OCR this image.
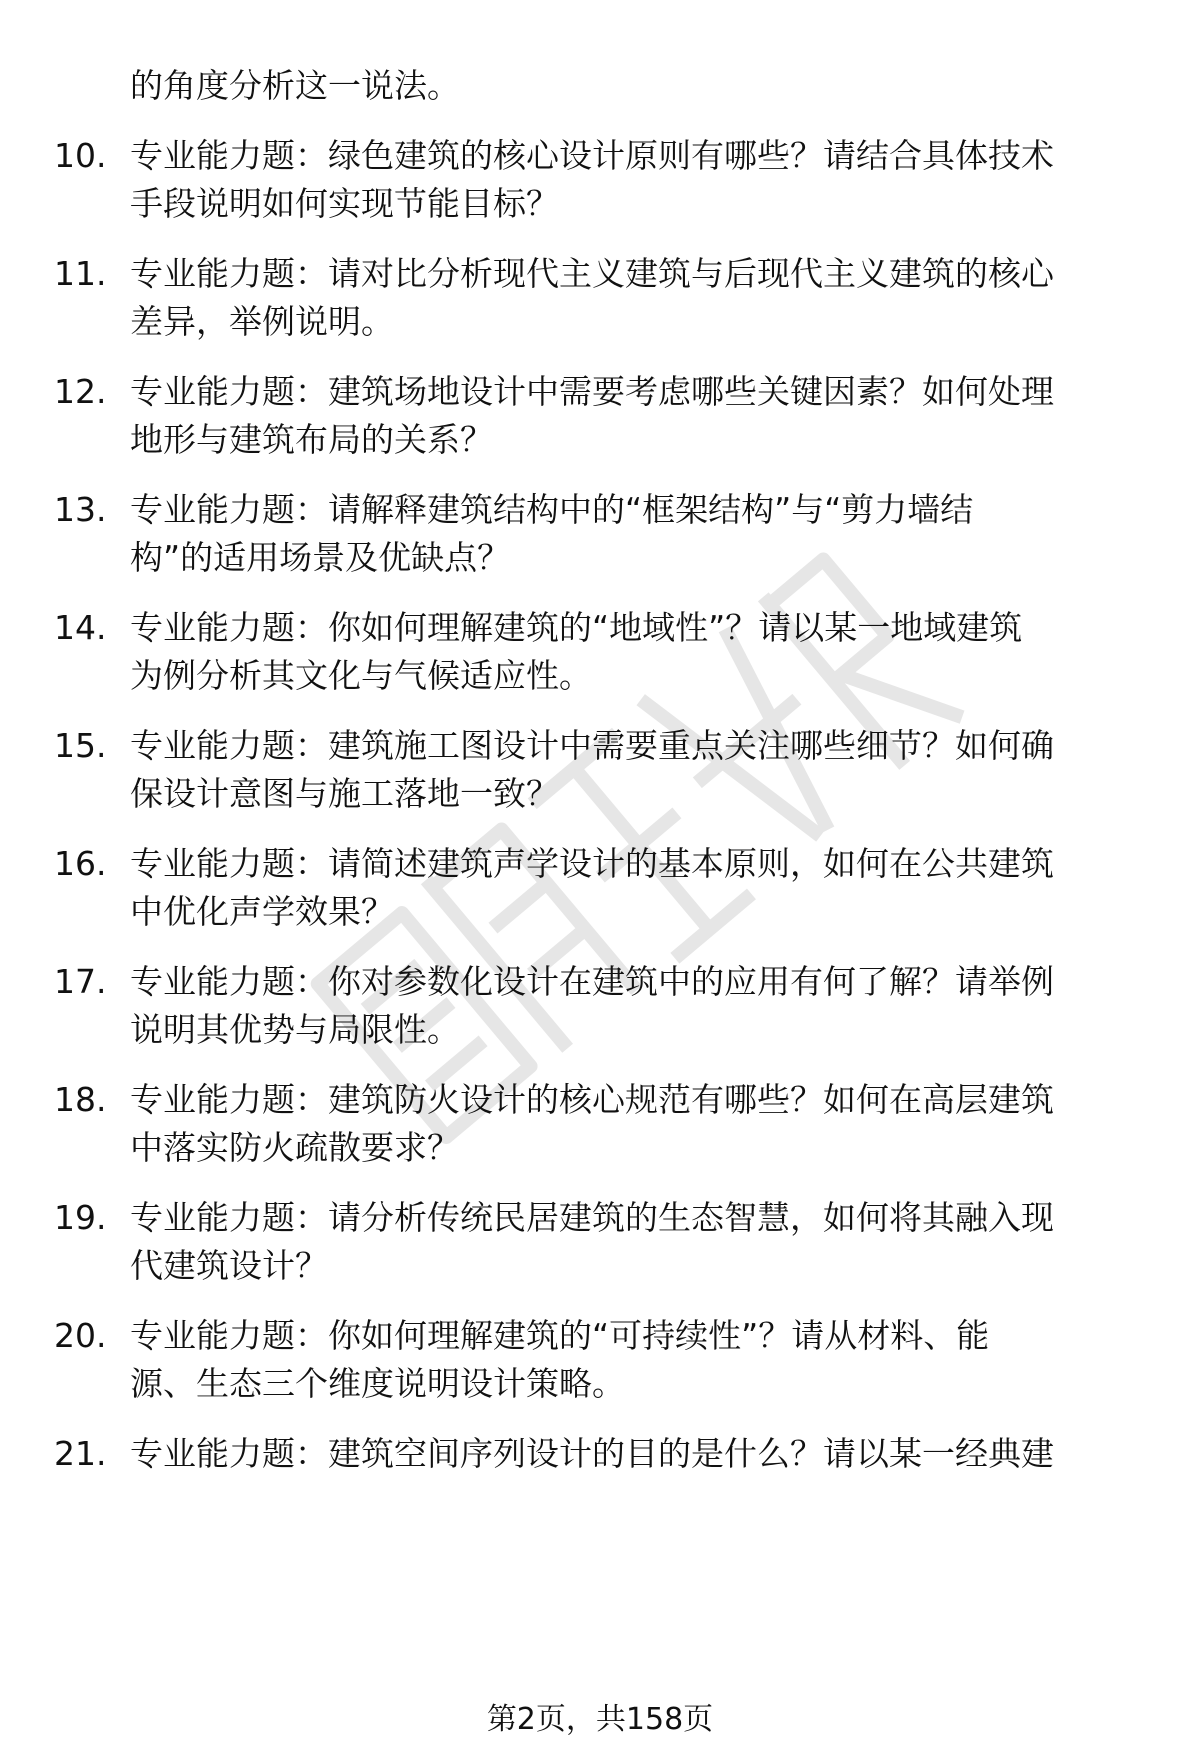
的角度分析这一说法。
10. 专业能力题：绿色建筑的核心设计原则有哪些？请结合具体技术
手段说明如何实现节能目标？
11. 专业能力题：请对比分析现代主义建筑与后现代主义建筑的核心
差异，举例说明。
12. 专业能力题：建筑场地设计中需要考虑哪些关键因素？如何处理
地形与建筑布局的关系？
13. 专业能力题：请解释建筑结构中的“框架结构”与“剪力墙结
构”的适用场景及优缺点？
14. 专业能力题：你如何理解建筑的“地域性”？请以某一地域建筑
为例分析其文化与气候适应性。
15. 专业能力题：建筑施工图设计中需要重点关注哪些细节？如何确
保设计意图与施工落地一致？
16. 专业能力题：请简述建筑声学设计的基本原则，如何在公共建筑
中优化声学效果？
17. 专业能力题：你对参数化设计在建筑中的应用有何了解？请举例
说明其优势与局限性。
18. 专业能力题：建筑防火设计的核心规范有哪些？如何在高层建筑
中落实防火疏散要求？
19. 专业能力题：请分析传统民居建筑的生态智慧，如何将其融入现
代建筑设计？
20. 专业能力题：你如何理解建筑的“可持续性”？请从材料、能
源、生态三个维度说明设计策略。
21. 专业能力题：建筑空间序列设计的目的是什么？请以某一经典建
第2页，共158页
